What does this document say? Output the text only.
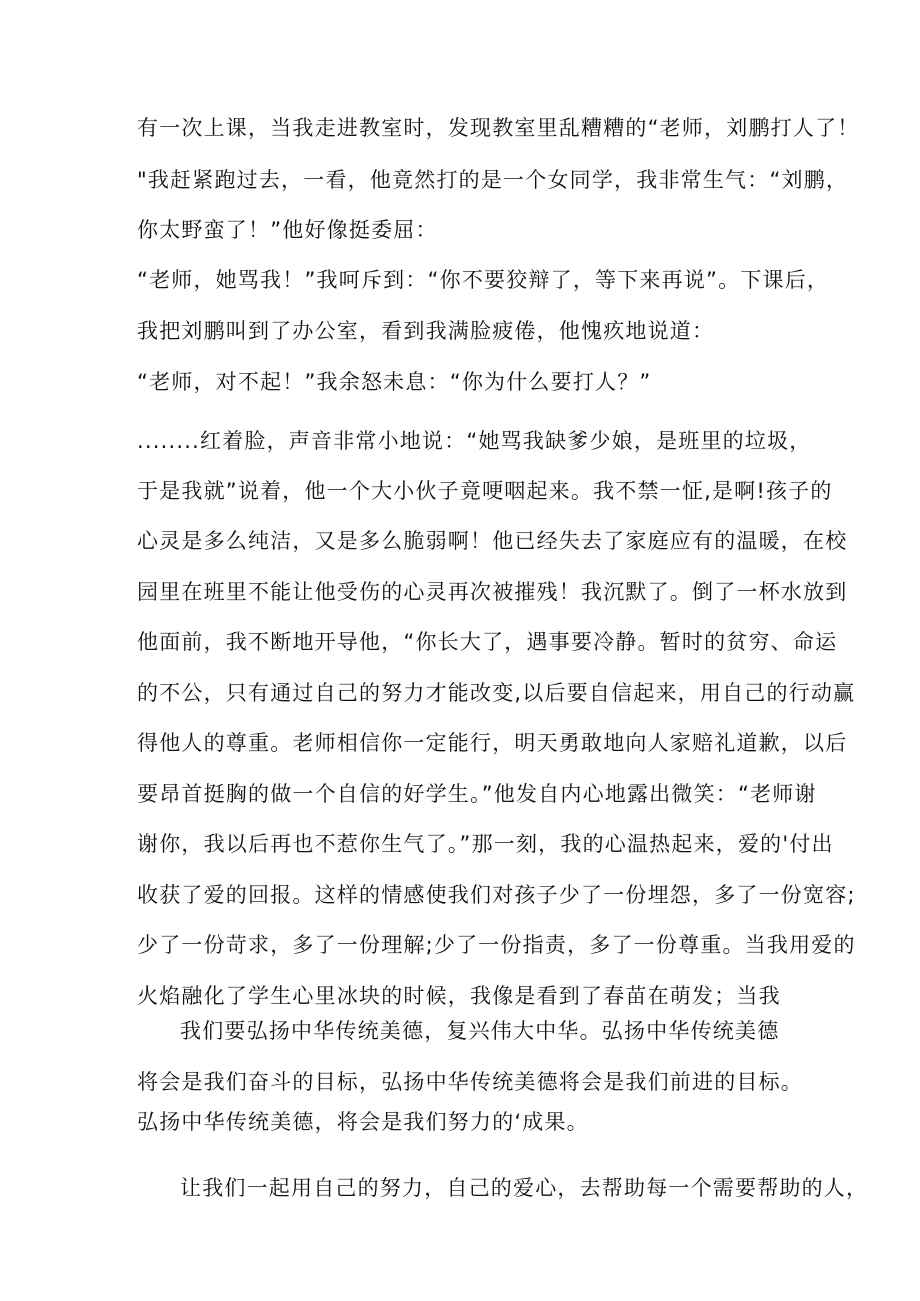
有一次上课，当我走进教室时，发现教室里乱糟糟的“老师，刘鹏打人了！
"我赶紧跑过去，一看，他竟然打的是一个女同学，我非常生气：“刘鹏，
你太野蛮了！”他好像挺委屈：
“老师，她骂我！”我呵斥到：“你不要狡辩了，等下来再说”。下课后，
我把刘鹏叫到了办公室，看到我满脸疲倦，他愧疚地说道：
“老师，对不起！”我余怒未息：“你为什么要打人？”
........红着脸，声音非常小地说：“她骂我缺爹少娘，是班里的垃圾，
于是我就”说着，他一个大小伙子竟哽咽起来。我不禁一怔,是啊!孩子的
心灵是多么纯洁，又是多么脆弱啊！他已经失去了家庭应有的温暖，在校
园里在班里不能让他受伤的心灵再次被摧残！我沉默了。倒了一杯水放到
他面前，我不断地开导他，“你长大了，遇事要冷静。暂时的贫穷、命运
的不公，只有通过自己的努力才能改变,以后要自信起来，用自己的行动赢
得他人的尊重。老师相信你一定能行，明天勇敢地向人家赔礼道歉，以后
要昂首挺胸的做一个自信的好学生。”他发自内心地露出微笑：“老师谢
谢你，我以后再也不惹你生气了。”那一刻，我的心温热起来，爱的'付出
收获了爱的回报。这样的情感使我们对孩子少了一份埋怨，多了一份宽容;
少了一份苛求，多了一份理解;少了一份指责，多了一份尊重。当我用爱的
火焰融化了学生心里冰块的时候，我像是看到了春苗在萌发；当我
我们要弘扬中华传统美德，复兴伟大中华。弘扬中华传统美德
将会是我们奋斗的目标，弘扬中华传统美德将会是我们前进的目标。
弘扬中华传统美德，将会是我们努力的‘成果。
让我们一起用自己的努力，自己的爱心，去帮助每一个需要帮助的人，
